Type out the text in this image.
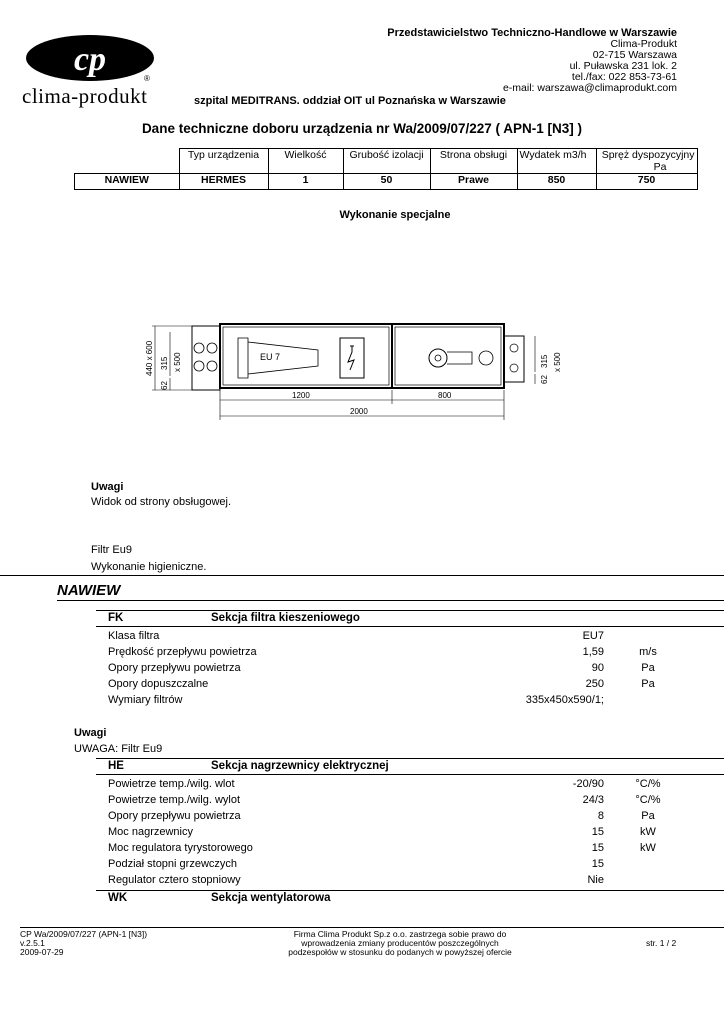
cp
®
clima-produkt
Przedstawicielstwo Techniczno-Handlowe w Warszawie
Clima-Produkt
02-715 Warszawa
ul. Puławska 231 lok. 2
tel./fax: 022 853-73-61
e-mail: warszawa@climaprodukt.com
szpital MEDITRANS. oddział OIT ul Poznańska w Warszawie
Dane techniczne doboru urządzenia nr Wa/2009/07/227 ( APN-1 [N3] )
	Typ urządzenia	Wielkość	Grubość izolacji	Strona obsługi	Wydatek m3/h	Spręż dyspozycyjny
Pa

NAWIEW	HERMES	1	50	Prawe	850	750
Wykonanie specjalne
EU 7
440 x 600 315 x 500
62
315 x 500
62
1200	800
2000
Uwagi
Widok od strony obsługowej.
Filtr Eu9
Wykonanie higieniczne.
NAWIEW
FK	Sekcja filtra kieszeniowego
Klasa filtra	EU7
Prędkość przepływu powietrza	1,59	m/s
Opory przepływu powietrza	90	Pa
Opory dopuszczalne	250	Pa
Wymiary filtrów	335x450x590/1;
Uwagi
UWAGA: Filtr Eu9
HE	Sekcja nagrzewnicy elektrycznej
Powietrze temp./wilg. wlot	-20/90	°C/%
Powietrze temp./wilg. wylot	24/3	°C/%
Opory przepływu powietrza	8	Pa
Moc nagrzewnicy	15	kW
Moc regulatora tyrystorowego	15	kW
Podział stopni grzewczych	15
Regulator cztero stopniowy	Nie
WK	Sekcja wentylatorowa
CP Wa/2009/07/227 (APN-1 [N3])
v.2.5.1
2009-07-29
Firma Clima Produkt Sp.z o.o. zastrzega sobie prawo do
wprowadzenia zmiany producentów poszczególnych
podzespołów w stosunku do podanych w powyższej ofercie
str. 1 / 2
